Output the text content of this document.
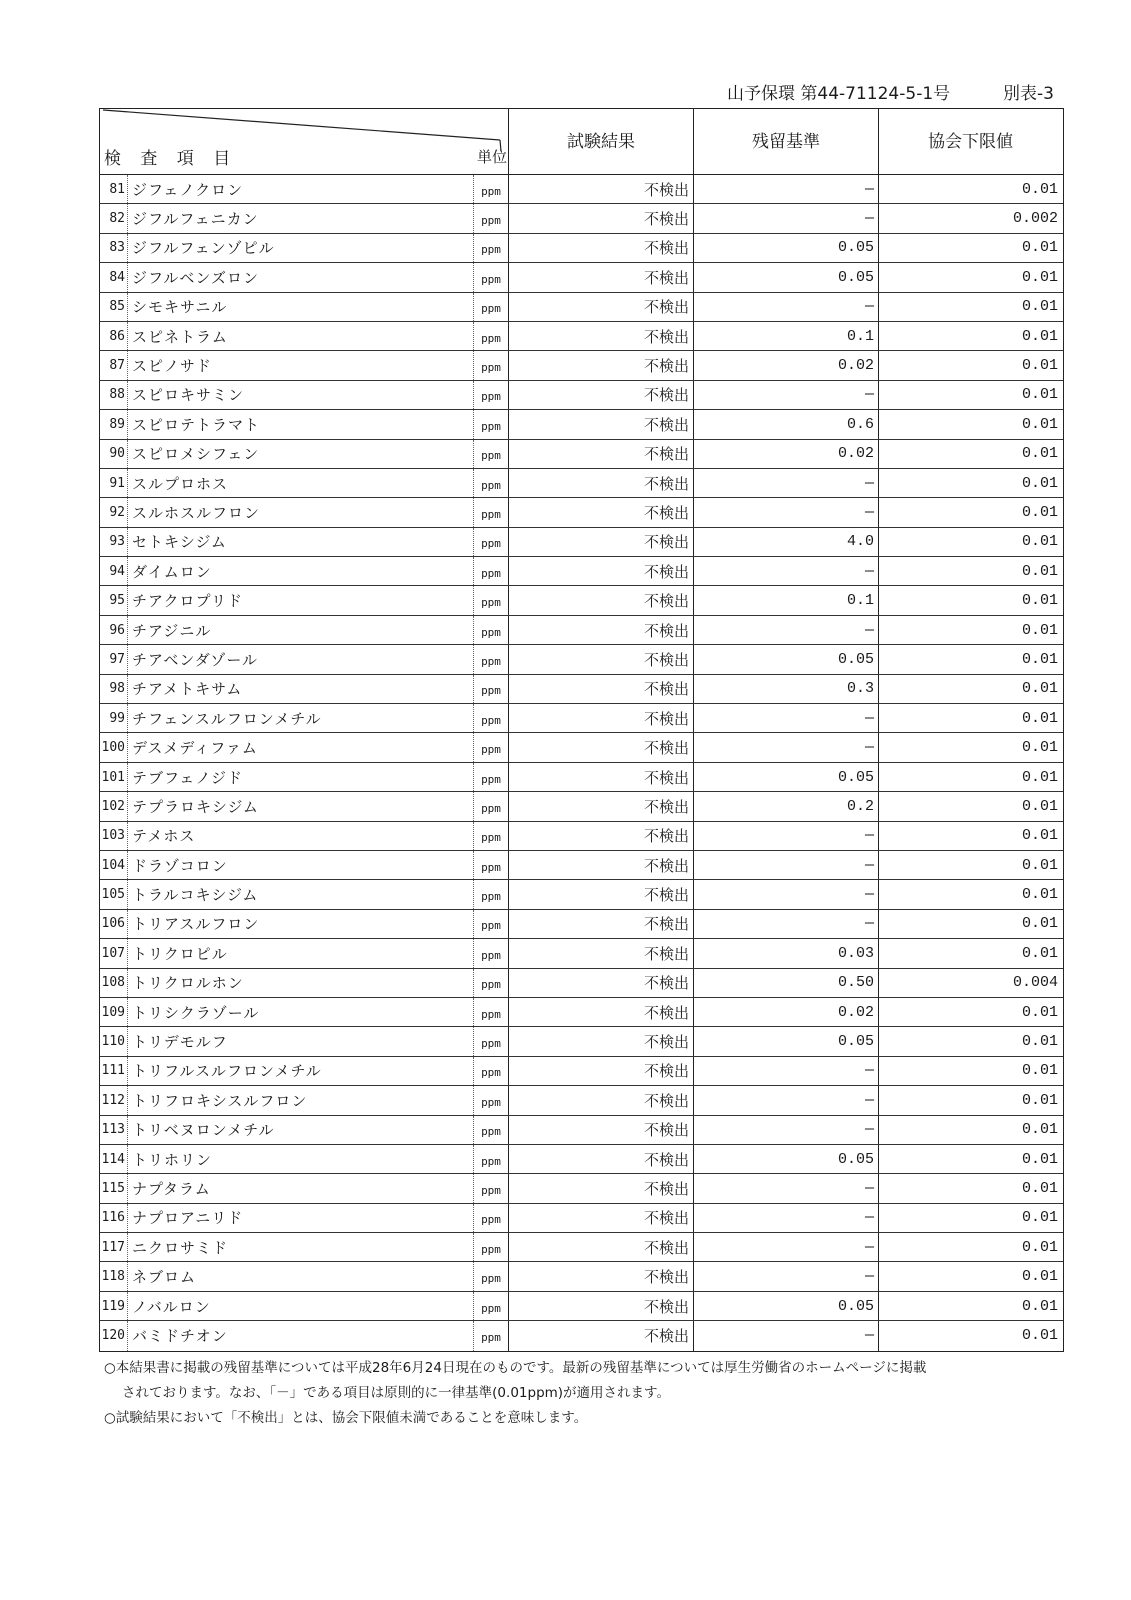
山予保環 第44-71124-5-1号	別表-3
検 査 項 目	単位
試験結果	残留基準	協会下限値
81 ジフェノクロン	ppm	不検出	—	0.01
82 ジフルフェニカン	ppm	不検出	—	0.002
83 ジフルフェンゾピル	ppm	不検出	0.05	0.01
84 ジフルベンズロン	ppm	不検出	0.05	0.01
85 シモキサニル	ppm	不検出	—	0.01
86 スピネトラム	ppm	不検出	0.1	0.01
87 スピノサド	ppm	不検出	0.02	0.01
88 スピロキサミン	ppm	不検出	—	0.01
89 スピロテトラマト	ppm	不検出	0.6	0.01
90 スピロメシフェン	ppm	不検出	0.02	0.01
91 スルプロホス	ppm	不検出	—	0.01
92 スルホスルフロン	ppm	不検出	—	0.01
93 セトキシジム	ppm	不検出	4.0	0.01
94 ダイムロン	ppm	不検出	—	0.01
95 チアクロプリド	ppm	不検出	0.1	0.01
96 チアジニル	ppm	不検出	—	0.01
97 チアベンダゾール	ppm	不検出	0.05	0.01
98 チアメトキサム	ppm	不検出	0.3	0.01
99 チフェンスルフロンメチル	ppm	不検出	—	0.01
100 デスメディファム	ppm	不検出	—	0.01
101 テブフェノジド	ppm	不検出	0.05	0.01
102 テプラロキシジム	ppm	不検出	0.2	0.01
103 テメホス	ppm	不検出	—	0.01
104 ドラゾコロン	ppm	不検出	—	0.01
105 トラルコキシジム	ppm	不検出	—	0.01
106 トリアスルフロン	ppm	不検出	—	0.01
107 トリクロピル	ppm	不検出	0.03	0.01
108 トリクロルホン	ppm	不検出	0.50	0.004
109 トリシクラゾール	ppm	不検出	0.02	0.01
110 トリデモルフ	ppm	不検出	0.05	0.01
111 トリフルスルフロンメチル	ppm	不検出	—	0.01
112 トリフロキシスルフロン	ppm	不検出	—	0.01
113 トリベヌロンメチル	ppm	不検出	—	0.01
114 トリホリン	ppm	不検出	0.05	0.01
115 ナプタラム	ppm	不検出	—	0.01
116 ナプロアニリド	ppm	不検出	—	0.01
117 ニクロサミド	ppm	不検出	—	0.01
118 ネブロム	ppm	不検出	—	0.01
119 ノバルロン	ppm	不検出	0.05	0.01
120 バミドチオン	ppm	不検出	—	0.01
○本結果書に掲載の残留基準については平成28年6月24日現在のものです。最新の残留基準については厚生労働省のホームページに掲載
されております。なお、「－」である項目は原則的に一律基準(0.01ppm)が適用されます。
○試験結果において「不検出」とは、協会下限値未満であることを意味します。
